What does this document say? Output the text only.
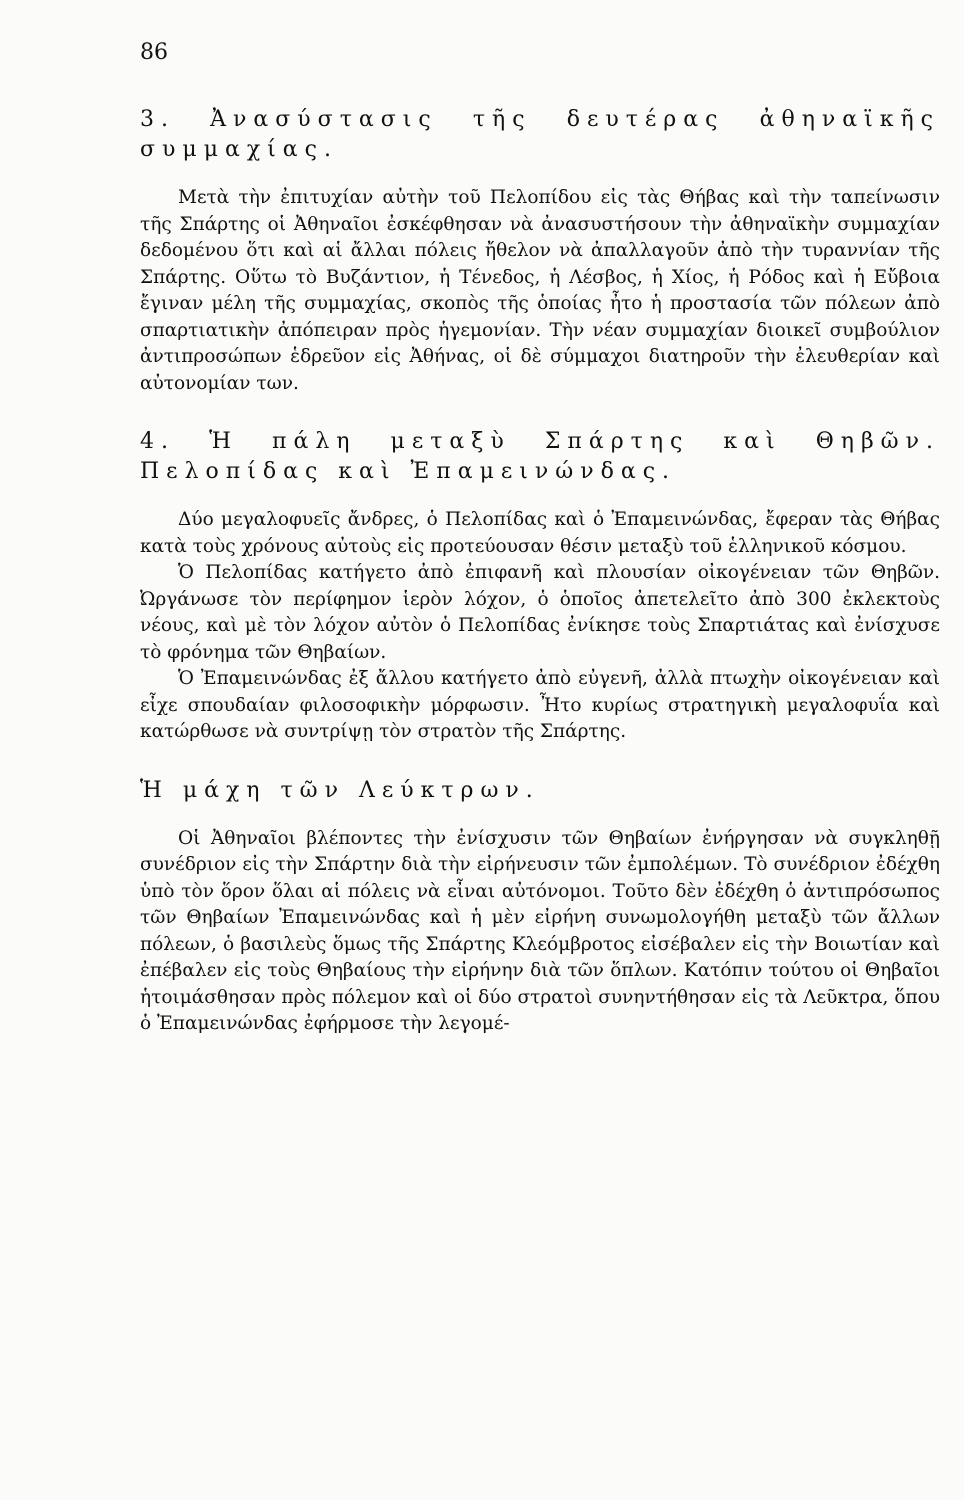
86
3. Ἀνασύστασις τῆς δευτέρας ἀθηναϊκῆς συμμαχίας.

Μετὰ τὴν ἐπιτυχίαν αὐτὴν τοῦ Πελοπίδου εἰς τὰς Θήβας καὶ τὴν ταπείνωσιν τῆς Σπάρτης οἱ Ἀθηναῖοι ἐσκέφθησαν νὰ ἀνασυστήσουν τὴν ἀθηναϊκὴν συμμαχίαν δεδομένου ὅτι καὶ αἱ ἄλλαι πόλεις ἤθελον νὰ ἀπαλλαγοῦν ἀπὸ τὴν τυραννίαν τῆς Σπάρτης. Οὕτω τὸ Βυζάντιον, ἡ Τένεδος, ἡ Λέσβος, ἡ Χίος, ἡ Ρόδος καὶ ἡ Εὔβοια ἔγιναν μέλη τῆς συμμαχίας, σκοπὸς τῆς ὁποίας ἦτο ἡ προστασία τῶν πόλεων ἀπὸ σπαρτιατικὴν ἀπόπειραν πρὸς ἡγεμονίαν. Τὴν νέαν συμμαχίαν διοικεῖ συμβούλιον ἀντιπροσώπων ἑδρεῦον εἰς Ἀθήνας, οἱ δὲ σύμμαχοι διατηροῦν τὴν ἐλευθερίαν καὶ αὐτονομίαν των.

4. Ἡ πάλη μεταξὺ Σπάρτης καὶ Θηβῶν. Πελοπίδας καὶ Ἐπαμεινώνδας.

Δύο μεγαλοφυεῖς ἄνδρες, ὁ Πελοπίδας καὶ ὁ Ἐπαμεινώνδας, ἔφεραν τὰς Θήβας κατὰ τοὺς χρόνους αὐτοὺς εἰς προτεύουσαν θέσιν μεταξὺ τοῦ ἑλληνικοῦ κόσμου.

Ὁ Πελοπίδας κατήγετο ἀπὸ ἐπιφανῆ καὶ πλουσίαν οἰκογένειαν τῶν Θηβῶν. Ὠργάνωσε τὸν περίφημον ἱερὸν λόχον, ὁ ὁποῖος ἀπετελεῖτο ἀπὸ 300 ἐκλεκτοὺς νέους, καὶ μὲ τὸν λόχον αὐτὸν ὁ Πελοπίδας ἐνίκησε τοὺς Σπαρτιάτας καὶ ἐνίσχυσε τὸ φρόνημα τῶν Θηβαίων.

Ὁ Ἐπαμεινώνδας ἐξ ἄλλου κατήγετο ἀπὸ εὐγενῆ, ἀλλὰ πτωχὴν οἰκογένειαν καὶ εἶχε σπουδαίαν φιλοσοφικὴν μόρφωσιν. Ἦτο κυρίως στρατηγικὴ μεγαλοφυΐα καὶ κατώρθωσε νὰ συντρίψῃ τὸν στρατὸν τῆς Σπάρτης.

Ἡ μάχη τῶν Λεύκτρων.

Οἱ Ἀθηναῖοι βλέποντες τὴν ἐνίσχυσιν τῶν Θηβαίων ἐνήργησαν νὰ συγκληθῇ συνέδριον εἰς τὴν Σπάρτην διὰ τὴν εἰρήνευσιν τῶν ἐμπολέμων. Τὸ συνέδριον ἐδέχθη ὑπὸ τὸν ὅρον ὅλαι αἱ πόλεις νὰ εἶναι αὐτόνομοι. Τοῦτο δὲν ἐδέχθη ὁ ἀντιπρόσωπος τῶν Θηβαίων Ἐπαμεινώνδας καὶ ἡ μὲν εἰρήνη συνωμολογήθη μεταξὺ τῶν ἄλλων πόλεων, ὁ βασιλεὺς ὅμως τῆς Σπάρτης Κλεόμβροτος εἰσέβαλεν εἰς τὴν Βοιωτίαν καὶ ἐπέβαλεν εἰς τοὺς Θηβαίους τὴν εἰρήνην διὰ τῶν ὅπλων. Κατόπιν τούτου οἱ Θηβαῖοι ἡτοιμάσθησαν πρὸς πόλεμον καὶ οἱ δύο στρατοὶ συνηντήθησαν εἰς τὰ Λεῦκτρα, ὅπου ὁ Ἐπαμεινώνδας ἐφήρμοσε τὴν λεγομέ-
